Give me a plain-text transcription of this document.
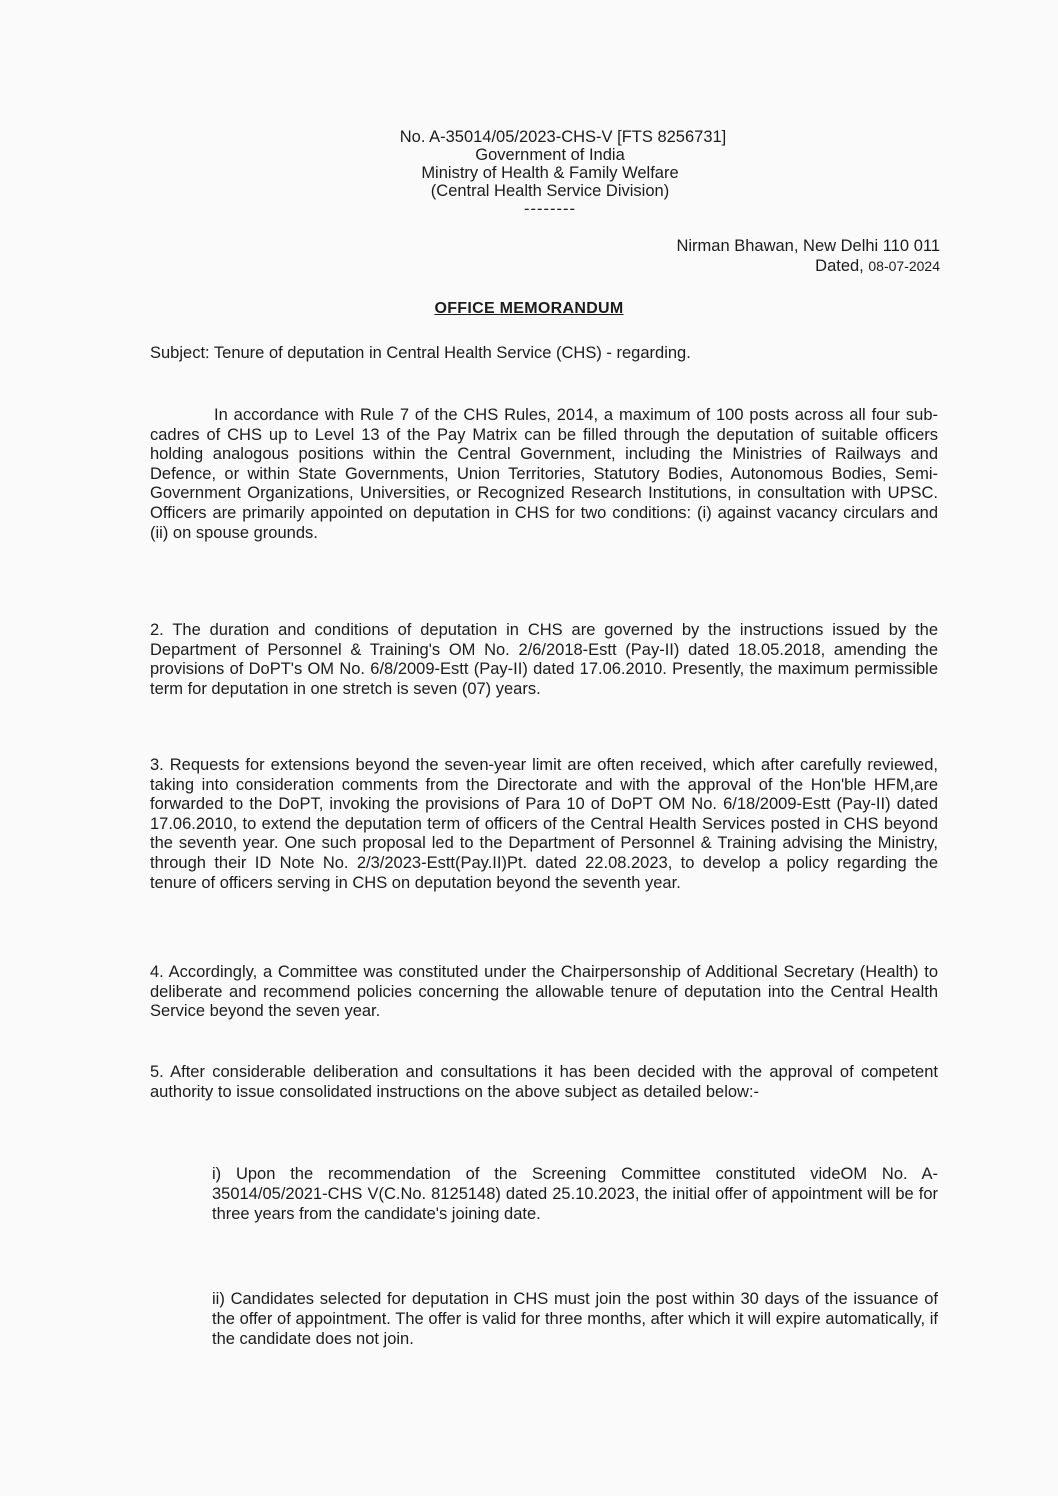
No. A-35014/05/2023-CHS-V [FTS 8256731]
Government of India
Ministry of Health & Family Welfare
(Central Health Service Division)
--------
Nirman Bhawan, New Delhi 110 011
Dated, 08-07-2024
OFFICE MEMORANDUM
Subject: Tenure of deputation in Central Health Service (CHS) - regarding.
In accordance with Rule 7 of the CHS Rules, 2014, a maximum of 100 posts across all four sub-cadres of CHS up to Level 13 of the Pay Matrix can be filled through the deputation of suitable officers holding analogous positions within the Central Government, including the Ministries of Railways and Defence, or within State Governments, Union Territories, Statutory Bodies, Autonomous Bodies, Semi-Government Organizations, Universities, or Recognized Research Institutions, in consultation with UPSC. Officers are primarily appointed on deputation in CHS for two conditions: (i) against vacancy circulars and (ii) on spouse grounds.
2. The duration and conditions of deputation in CHS are governed by the instructions issued by the Department of Personnel & Training's OM No. 2/6/2018-Estt (Pay-II) dated 18.05.2018, amending the provisions of DoPT's OM No. 6/8/2009-Estt (Pay-II) dated 17.06.2010. Presently, the maximum permissible term for deputation in one stretch is seven (07) years.
3. Requests for extensions beyond the seven-year limit are often received, which after carefully reviewed, taking into consideration comments from the Directorate and with the approval of the Hon'ble HFM,are forwarded to the DoPT, invoking the provisions of Para 10 of DoPT OM No. 6/18/2009-Estt (Pay-II) dated 17.06.2010, to extend the deputation term of officers of the Central Health Services posted in CHS beyond the seventh year. One such proposal led to the Department of Personnel & Training advising the Ministry, through their ID Note No. 2/3/2023-Estt(Pay.II)Pt. dated 22.08.2023, to develop a policy regarding the tenure of officers serving in CHS on deputation beyond the seventh year.
4. Accordingly, a Committee was constituted under the Chairpersonship of Additional Secretary (Health) to deliberate and recommend policies concerning the allowable tenure of deputation into the Central Health Service beyond the seven year.
5. After considerable deliberation and consultations it has been decided with the approval of competent authority to issue consolidated instructions on the above subject as detailed below:-
i) Upon the recommendation of the Screening Committee constituted videOM No. A-35014/05/2021-CHS V(C.No. 8125148) dated 25.10.2023, the initial offer of appointment will be for three years from the candidate's joining date.
ii) Candidates selected for deputation in CHS must join the post within 30 days of the issuance of the offer of appointment. The offer is valid for three months, after which it will expire automatically, if the candidate does not join.
